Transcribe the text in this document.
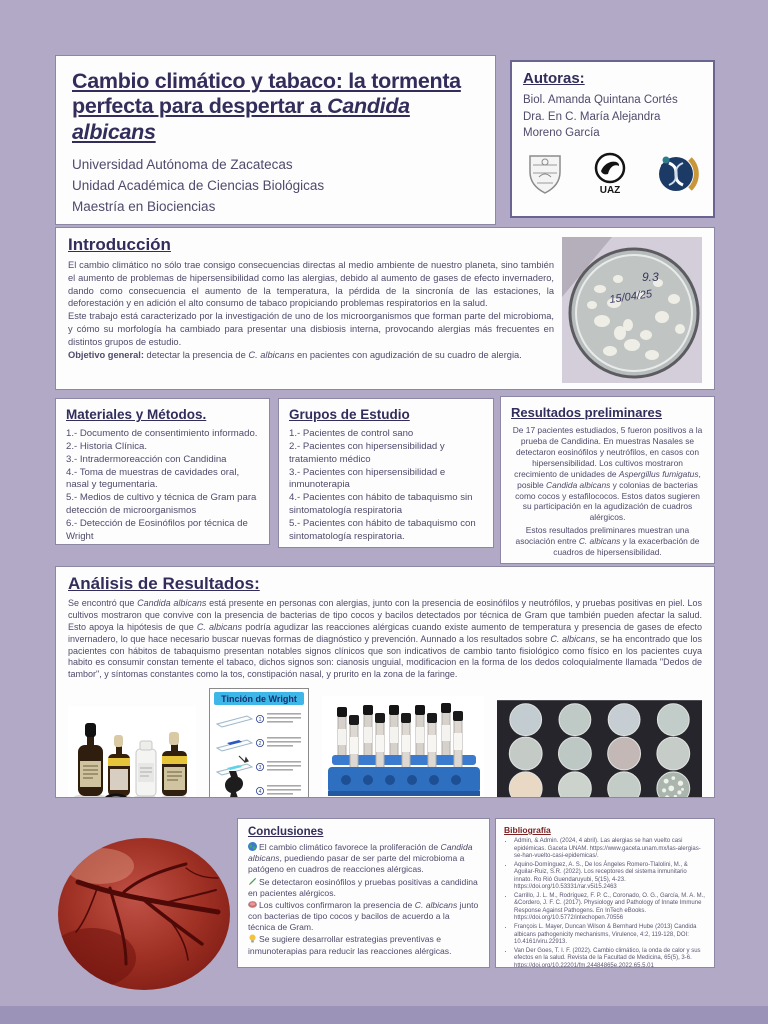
Cambio climático y tabaco: la tormenta perfecta para despertar a Candida albicans
Universidad Autónoma de Zacatecas
Unidad Académica de Ciencias Biológicas
Maestría en Biociencias
Autoras:
Biol. Amanda Quintana Cortés
Dra. En C. María Alejandra Moreno García
UAZ
Introducción
9.3
15/04/25
El cambio climático no sólo trae consigo consecuencias directas al medio ambiente de nuestro planeta, sino también el aumento de problemas de hipersensibilidad como las alergias, debido al aumento de gases de efecto invernadero, dando como consecuencia el aumento de la temperatura, la pérdida de la sincronía de las estaciones, la deforestación y en adición el alto consumo de tabaco propiciando problemas respiratorios en la salud.
Este trabajo está caracterizado por la investigación de uno de los microorganismos que forman parte del microbioma, y cómo su morfología ha cambiado para presentar una disbiosis interna, provocando alergias más frecuentes en distintos grupos de estudio.
Objetivo general: detectar la presencia de C. albicans en pacientes con agudización de su cuadro de alergia.
Materiales y Métodos.
1.- Documento de consentimiento informado.
2.- Historia Clínica.
3.- Intradermoreacción con Candidina
4.- Toma de muestras de cavidades oral, nasal y tegumentaria.
5.- Medios de cultivo y técnica de Gram para detección de microorganismos
6.- Detección de Eosinófilos por técnica de Wright
Grupos de Estudio
1.- Pacientes de control sano
2.- Pacientes con hipersensibilidad y tratamiento médico
3.- Pacientes con hipersensibilidad e inmunoterapia
4.- Pacientes con hábito de tabaquismo sin sintomatología respiratoria
5.- Pacientes con hábito de tabaquismo con sintomatología respiratoria.
Resultados preliminares
De 17 pacientes estudiados, 5 fueron positivos a la prueba de Candidina. En muestras Nasales se detectaron eosinófilos y neutrófilos, en casos con hipersensibilidad. Los cultivos mostraron crecimiento de unidades de Aspergillus fumigatus, posible Candida albicans y colonias de bacterias como cocos y estafilococos. Estos datos sugieren su participación en la agudización de cuadros alérgicos.
Estos resultados preliminares muestran una asociación entre C. albicans y la exacerbación de cuadros de hipersensibilidad.
Análisis de Resultados:
Se encontró que Candida albicans está presente en personas con alergias, junto con la presencia de eosinófilos y neutrófilos, y pruebas positivas en piel. Los cultivos mostraron que convive con la presencia de bacterias de tipo cocos y bacilos detectados por técnica de Gram que también pueden afectar la salud. Esto apoya la hipótesis de que C. albicans podría agudizar las reacciones alérgicas cuando existe aumento de temperatura y presencia de gases de efecto invernadero, lo que hace necesario buscar nuevas formas de diagnóstico y prevención. Aunnado a los resultados sobre C. albicans, se ha encontrado que los pacientes con hábitos de tabaquismo presentan notables signos clínicos que son indicativos de cambio tanto fisiológico como físico en los pacientes cuya habito es consumir constan temente el tabaco, dichos signos son: cianosis unguial, modificacion en la forma de los dedos coloquialmente llamada "Dedos de tambor", y síntomas constantes como la tos, constipación nasal, y prurito en la zona de la faringe.
Tinción de Wright
1
2
3
4
Conclusiones
El cambio climático favorece la proliferación de Candida albicans, puediendo pasar de ser parte del microbioma a patógeno en cuadros de reacciones alérgicas.
Se detectaron eosinófilos y pruebas positivas a candidina en pacientes alérgicos.
Los cultivos confirmaron la presencia de C. albicans junto con bacterias de tipo cocos y bacilos de acuerdo a la técnica de Gram.
Se sugiere desarrollar estrategias preventivas e inmunoterapias para reducir las reacciones alérgicas.
Bibliografía
• Admin, & Admin. (2024, 4 abril). Las alergias se han vuelto casi epidémicas. Gaceta UNAM. https://www.gaceta.unam.mx/las-alergias-se-han-vuelto-casi-epidemicas/.
• Aquino-Domínguez, A. S., De los Ángeles Romero-Tlalolini, M., & Aguilar-Ruiz, S.R. (2022). Los receptores del sistema inmunitario innato. Ro Rió Guendaruyubi, 5(15), 4-23. https://doi.org/10.53331/rar.v5i15.2463
• Carrillo, J. L. M., Rodríguez, F. P. C., Coronado, O. G., García, M. A. M., &Cordero, J. F. C. (2017). Physiology and Pathology of Innate Immune Response Against Pathogens. En InTech eBooks. https://doi.org/10.5772/intechopen.70556
• François L. Mayer, Duncan Wilson & Bernhard Hube (2013) Candida albicans pathogenicity mechanisms, Virulence, 4:2, 119-128, DOI: 10.4161/viru.22913.
• Van Der Goes, T. I. F. (2022). Cambio climático, la onda de calor y sus efectos en la salud. Revista de la Facultad de Medicina, 65(5), 3-6. https://doi.org/10.22201/fm.24484865e.2022.65.5.01
